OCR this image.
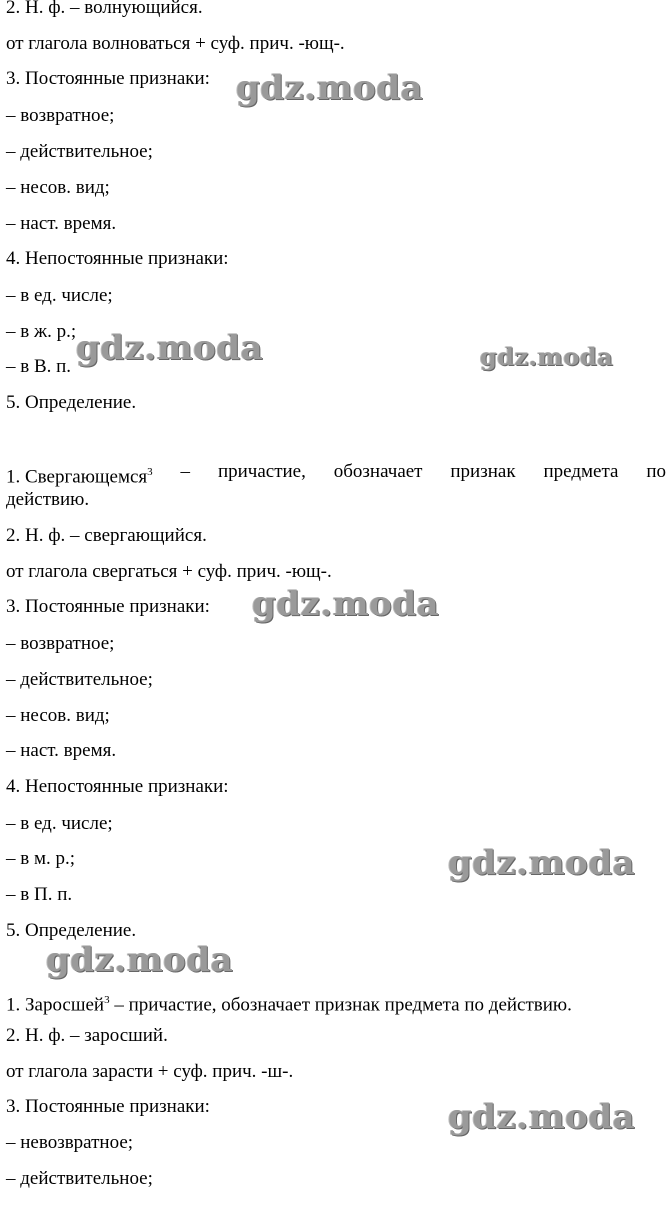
2. Н. ф. – волнующийся.
от глагола волноваться + суф. прич. -ющ-.
3. Постоянные признаки:
– возвратное;
– действительное;
– несов. вид;
– наст. время.
4. Непостоянные признаки:
– в ед. числе;
– в ж. р.;
– в В. п.
5. Определение.
1. Свергающемся$^3$ – причастие, обозначает признак предмета по
действию.
2. Н. ф. – свергающийся.
от глагола свергаться + суф. прич. -ющ-.
3. Постоянные признаки:
– возвратное;
– действительное;
– несов. вид;
– наст. время.
4. Непостоянные признаки:
– в ед. числе;
– в м. р.;
– в П. п.
5. Определение.
1. Заросшей$^3$ – причастие, обозначает признак предмета по действию.
2. Н. ф. – заросший.
от глагола зарасти + суф. прич. -ш-.
3. Постоянные признаки:
– невозвратное;
– действительное;
gdz.moda
gdz.moda	gdz.moda
gdz.moda
gdz.moda
gdz.moda
gdz.moda
